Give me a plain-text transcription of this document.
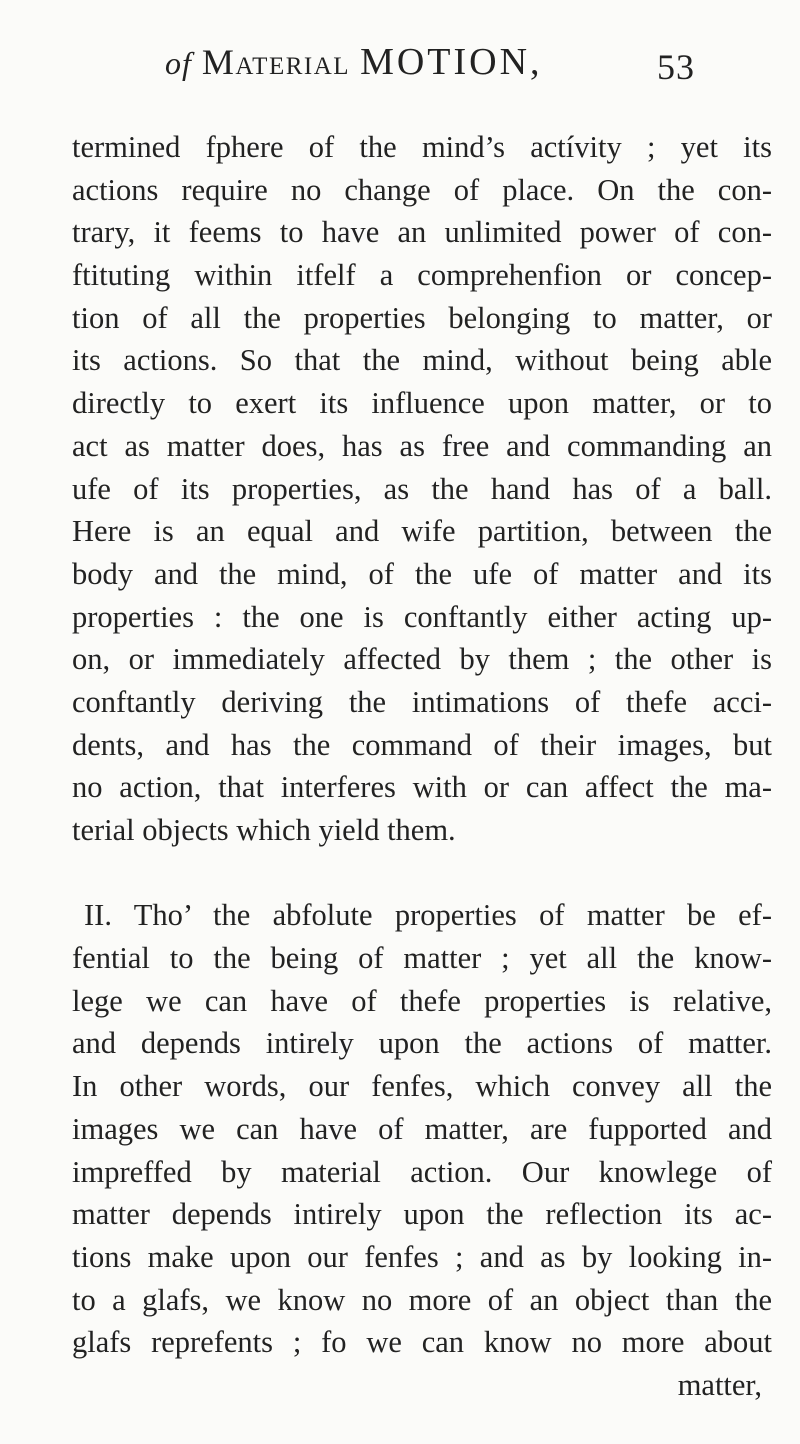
of Material MOTION,	53
termined fphere of the mind’s actívity ; yet its
actions require no change of place. On the con-
trary, it feems to have an unlimited power of con-
ftituting within itfelf a comprehenfion or concep-
tion of all the properties belonging to matter, or
its actions. So that the mind, without being able
directly to exert its influence upon matter, or to
act as matter does, has as free and commanding an
ufe of its properties, as the hand has of a ball.
Here is an equal and wife partition, between the
body and the mind, of the ufe of matter and its
properties : the one is conftantly either acting up-
on, or immediately affected by them ; the other is
conftantly deriving the intimations of thefe acci-
dents, and has the command of their images, but
no action, that interferes with or can affect the ma-
terial objects which yield them.
II. Tho’ the abfolute properties of matter be ef-
fential to the being of matter ; yet all the know-
lege we can have of thefe properties is relative,
and depends intirely upon the actions of matter.
In other words, our fenfes, which convey all the
images we can have of matter, are fupported and
impreffed by material action. Our knowlege of
matter depends intirely upon the reflection its ac-
tions make upon our fenfes ; and as by looking in-
to a glafs, we know no more of an object than the
glafs reprefents ; fo we can know no more about
matter,
